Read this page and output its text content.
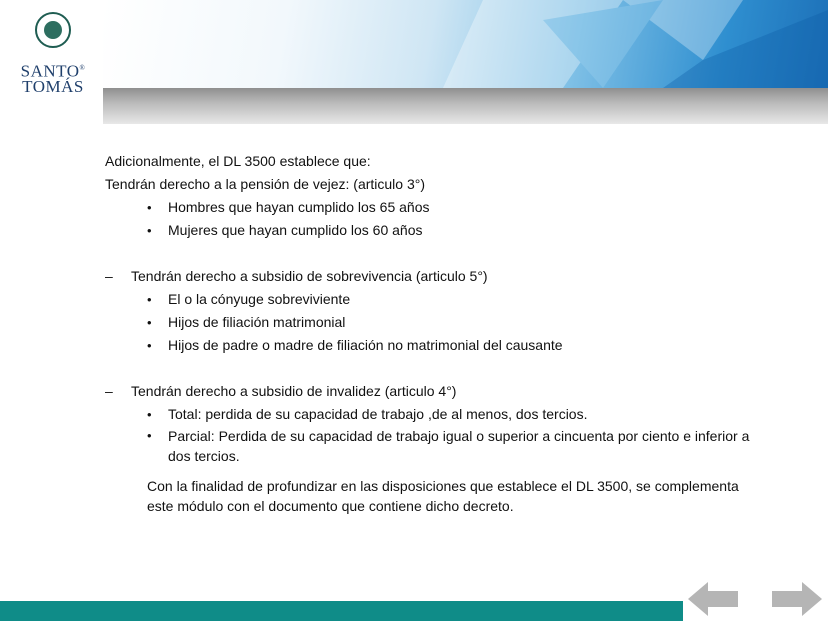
SANTO®
TOMÁS
Adicionalmente, el DL 3500 establece que:
Tendrán derecho a la pensión de vejez: (articulo 3°)
• Hombres que hayan cumplido los 65 años
• Mujeres que hayan cumplido los 60 años
– Tendrán derecho a subsidio de sobrevivencia (articulo 5°)
• El o la cónyuge sobreviviente
• Hijos de filiación matrimonial
• Hijos de padre o madre de filiación no matrimonial del causante
– Tendrán derecho a subsidio de invalidez (articulo 4°)
• Total: perdida de su capacidad de trabajo ,de al menos, dos tercios.
• Parcial: Perdida de su capacidad de trabajo igual o superior a cincuenta por ciento e inferior a dos tercios.
Con la finalidad de profundizar en las disposiciones que establece el DL 3500, se complementa este módulo con el documento que contiene dicho decreto.
